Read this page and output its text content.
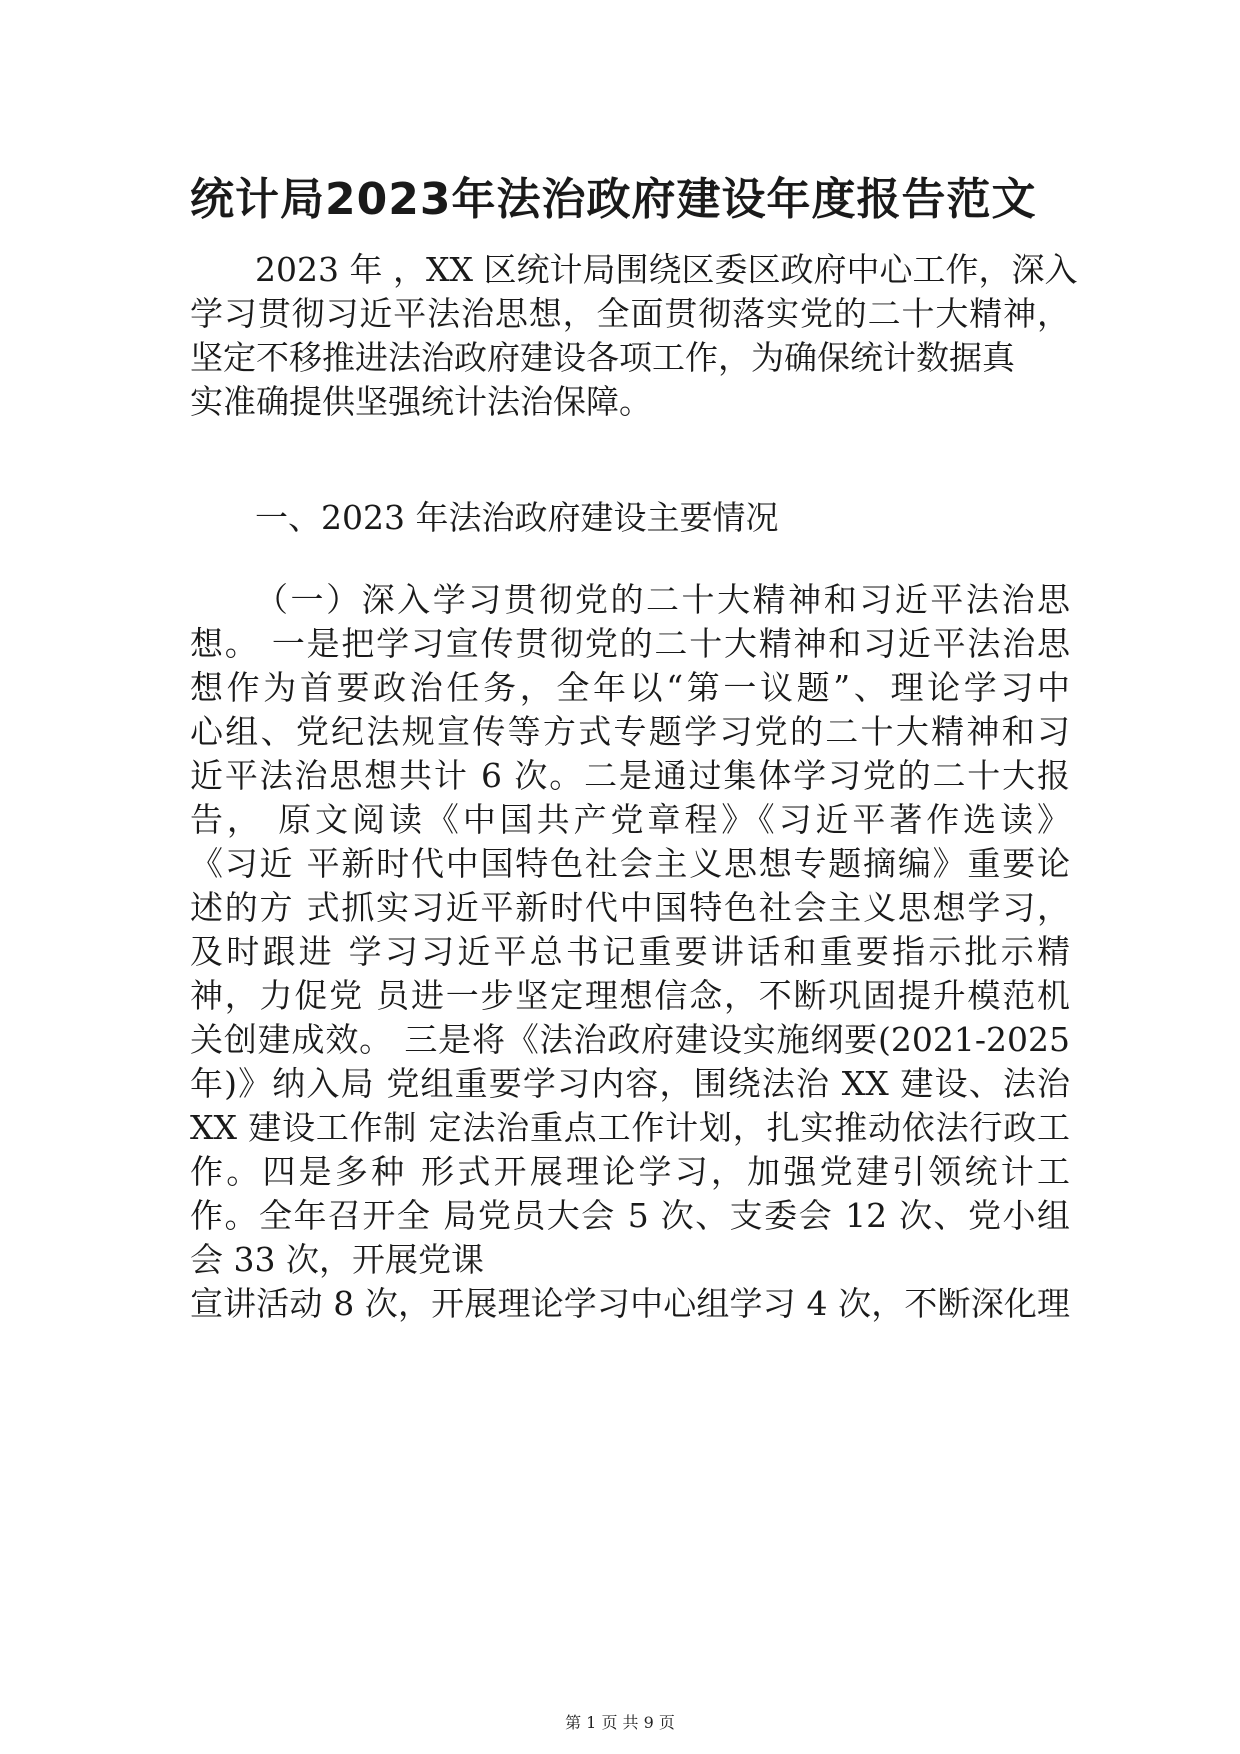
统计局2023年法治政府建设年度报告范文

2023 年 ，XX 区统计局围绕区委区政府中心工作，深入

学习贯彻习近平法治思想，全面贯彻落实党的二十大精神，

坚定不移推进法治政府建设各项工作，为确保统计数据真

实准确提供坚强统计法治保障。

一、2023 年法治政府建设主要情况

（一）深入学习贯彻党的二十大精神和习近平法治思

想。 一是把学习宣传贯彻党的二十大精神和习近平法治思

想作为首要政治任务，全年以“第一议题”、理论学习中

心组、党纪法规宣传等方式专题学习党的二十大精神和习

近平法治思想共计 6 次。二是通过集体学习党的二十大报

告， 原文阅读《中国共产党章程》《习近平著作选读》

《习近 平新时代中国特色社会主义思想专题摘编》重要论

述的方 式抓实习近平新时代中国特色社会主义思想学习，

及时跟进 学习习近平总书记重要讲话和重要指示批示精

神，力促党 员进一步坚定理想信念，不断巩固提升模范机

关创建成效。 三是将《法治政府建设实施纲要(2021-2025

年)》纳入局 党组重要学习内容，围绕法治 XX 建设、法治

XX 建设工作制 定法治重点工作计划，扎实推动依法行政工

作。四是多种 形式开展理论学习，加强党建引领统计工

作。全年召开全 局党员大会 5 次、支委会 12 次、党小组

会 33 次，开展党课

宣讲活动 8 次，开展理论学习中心组学习 4 次，不断深化理

第 1 页 共 9 页
